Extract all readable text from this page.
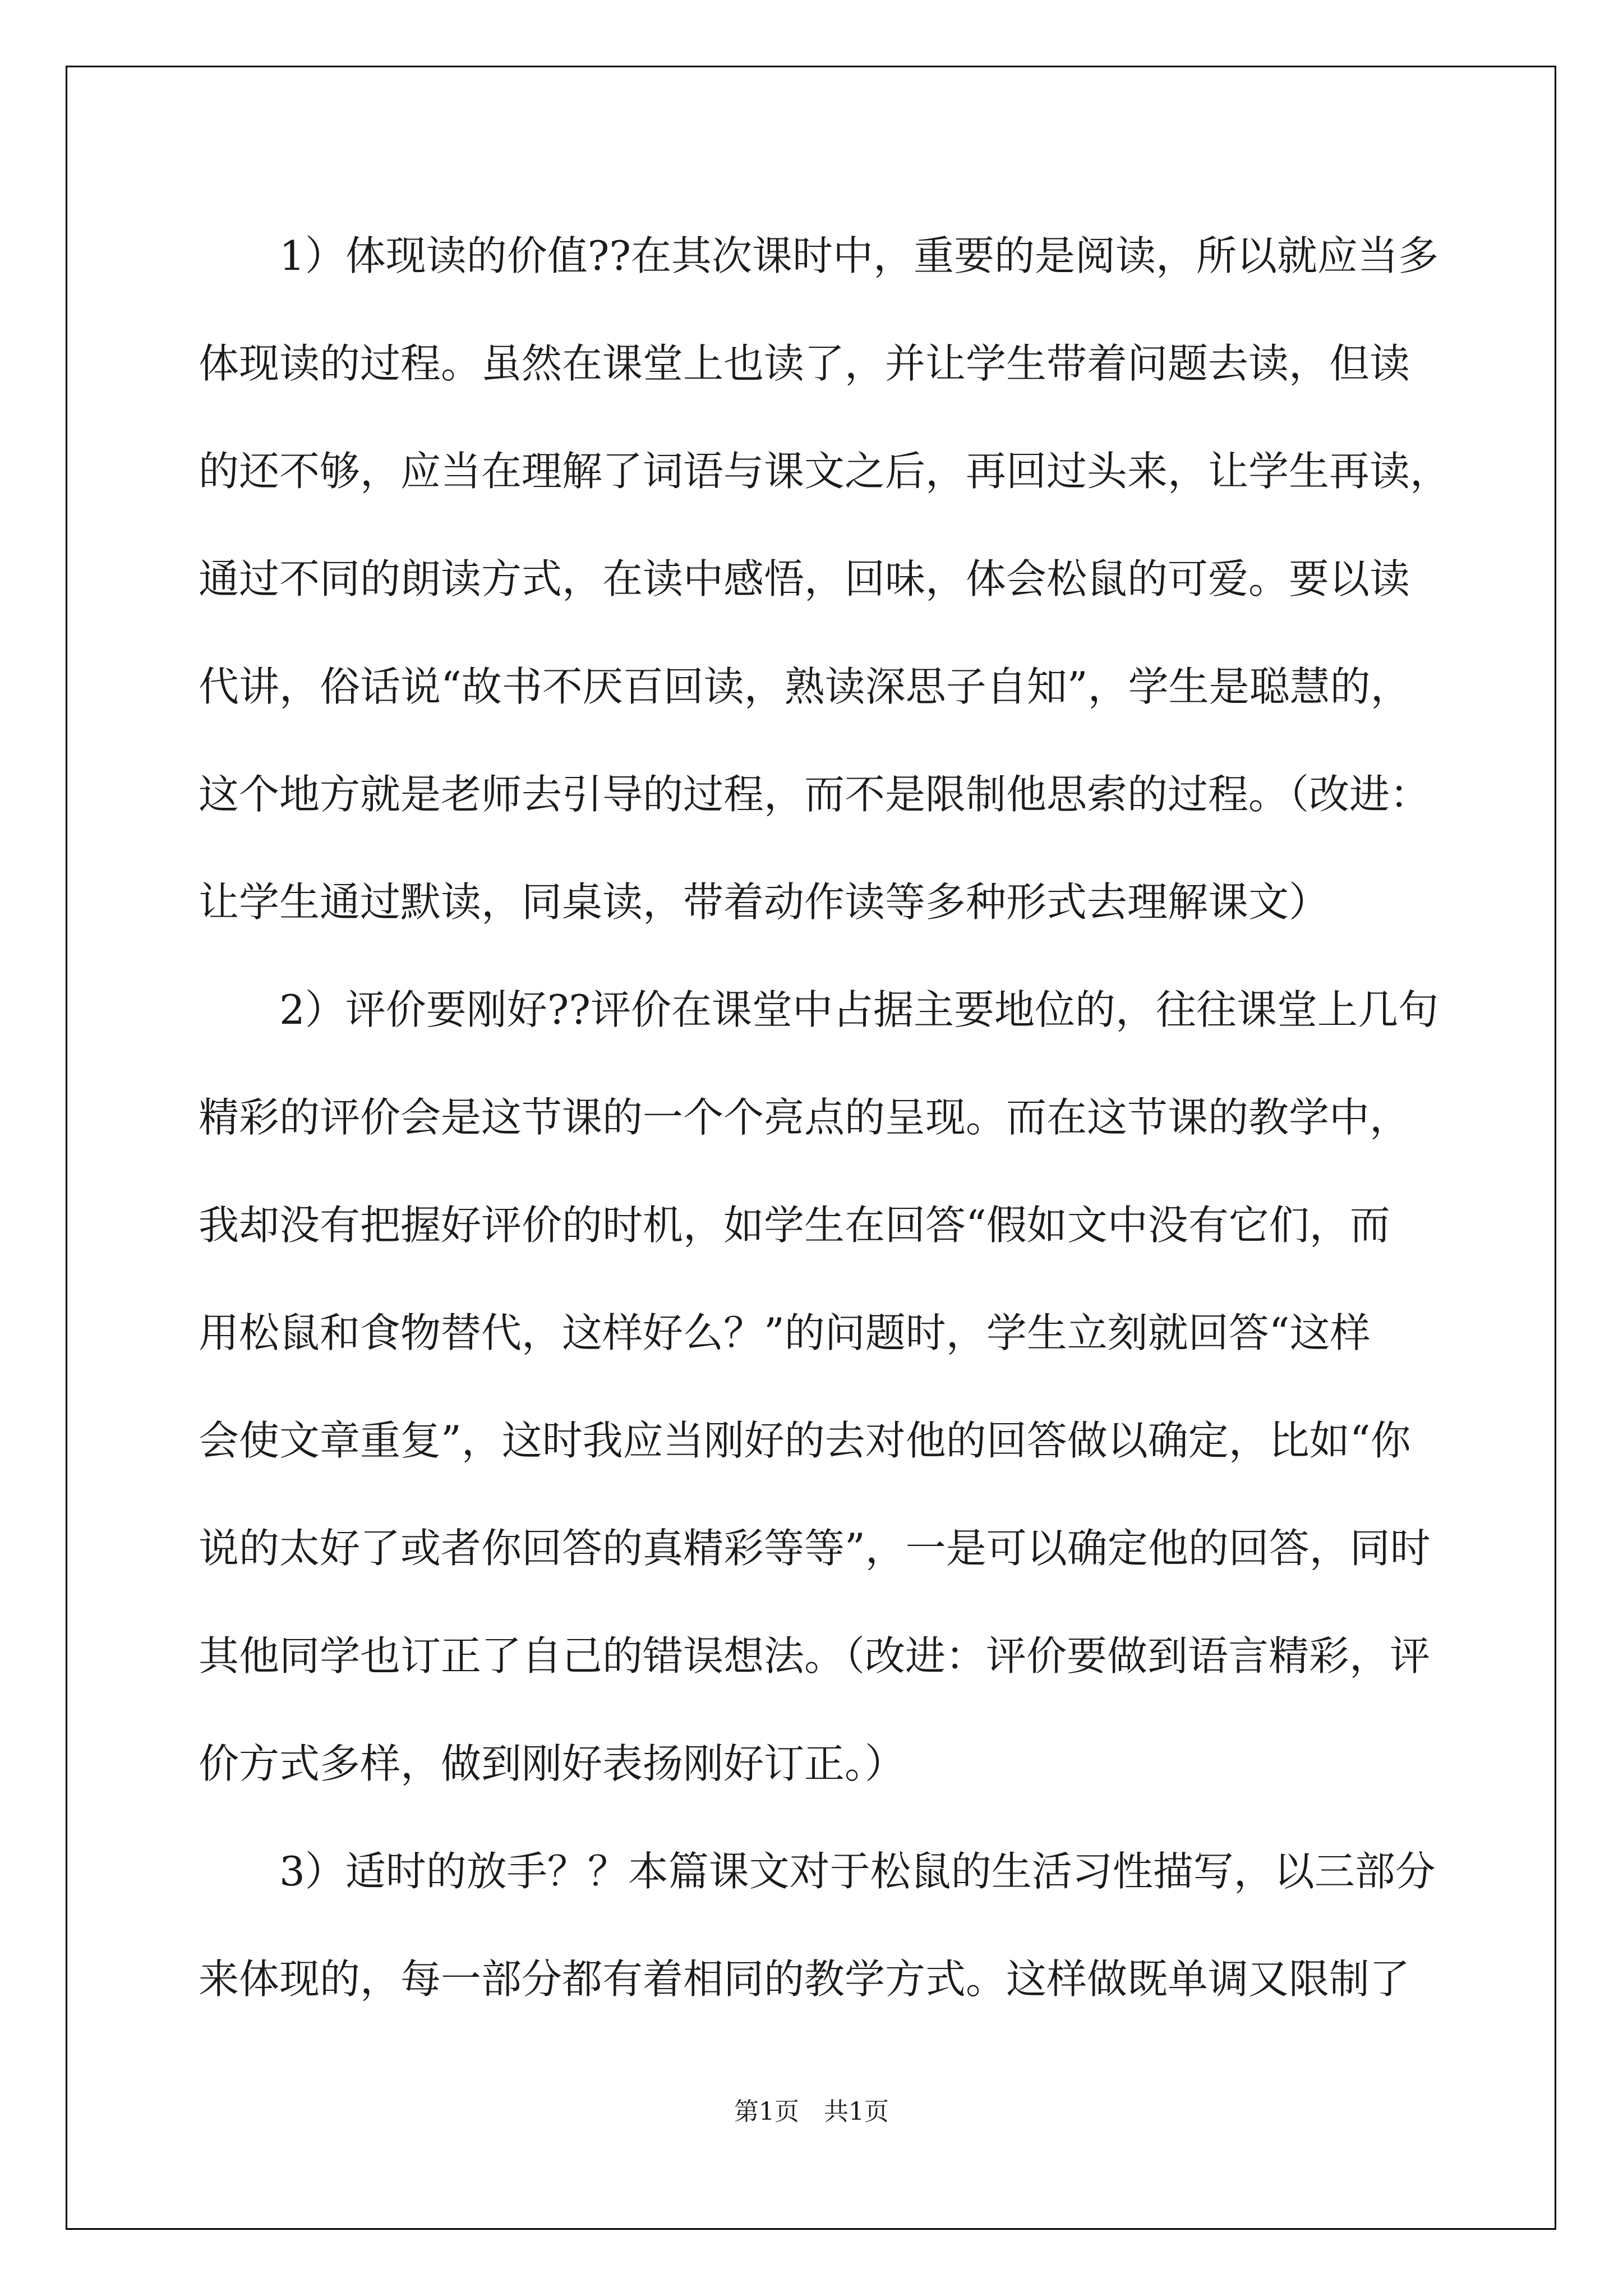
　　1）体现读的价值??在其次课时中，重要的是阅读，所以就应当多
体现读的过程。虽然在课堂上也读了，并让学生带着问题去读，但读
的还不够，应当在理解了词语与课文之后，再回过头来，让学生再读，
通过不同的朗读方式，在读中感悟，回味，体会松鼠的可爱。要以读
代讲，俗话说“故书不厌百回读，熟读深思子自知”，学生是聪慧的，
这个地方就是老师去引导的过程，而不是限制他思索的过程。（改进：
让学生通过默读，同桌读，带着动作读等多种形式去理解课文）
　　2）评价要刚好??评价在课堂中占据主要地位的，往往课堂上几句
精彩的评价会是这节课的一个个亮点的呈现。而在这节课的教学中，
我却没有把握好评价的时机，如学生在回答“假如文中没有它们，而
用松鼠和食物替代，这样好么？”的问题时，学生立刻就回答“这样
会使文章重复”，这时我应当刚好的去对他的回答做以确定，比如“你
说的太好了或者你回答的真精彩等等”，一是可以确定他的回答，同时
其他同学也订正了自己的错误想法。（改进：评价要做到语言精彩，评
价方式多样，做到刚好表扬刚好订正。）
　　3）适时的放手？？本篇课文对于松鼠的生活习性描写，以三部分
来体现的，每一部分都有着相同的教学方式。这样做既单调又限制了
第1页　共1页
